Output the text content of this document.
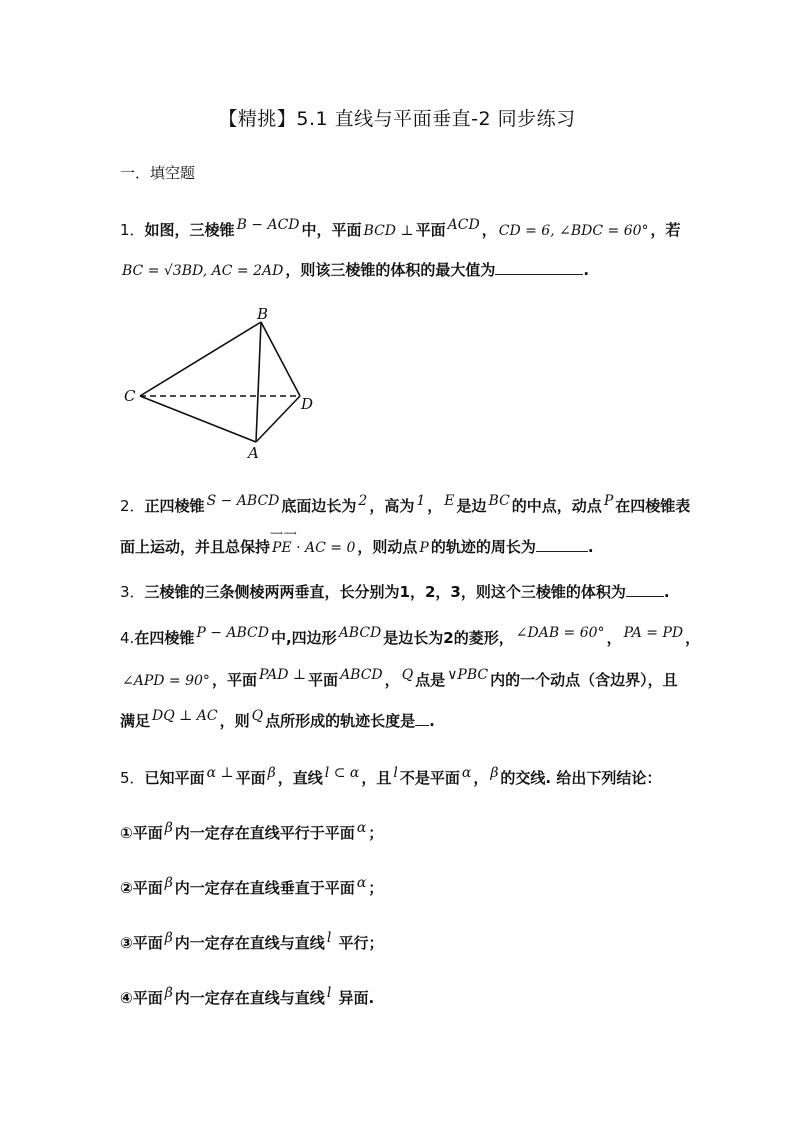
【精挑】5.1 直线与平面垂直-2 同步练习
一．填空题
1．如图，三棱锥 B − ACD 中，平面 BCD ⊥ 平面 ACD ， CD = 6, ∠BDC = 60° ，若
BC = √3BD, AC = 2AD ，则该三棱锥的体积的最大值为	.
B
C	D
A
2．正四棱锥 S − ABCD 底面边长为 2 ，高为 1 ， E 是边 BC 的中点，动点 P 在四棱锥表
面上运动，并且总保持
⟶ ⟶
PE · AC = 0 ，则动点 P 的轨迹的周长为	.
3．三棱锥的三条侧棱两两垂直，长分别为1，2，3，则这个三棱锥的体积为	.
4.在四棱锥 P − ABCD 中,四边形 ABCD 是边长为2的菱形， ∠DAB = 60° ， PA = PD ，
∠APD = 90° ，平面 PAD ⊥ 平面 ABCD ， Q 点是 ∨PBC 内的一个动点（含边界），且
满足 DQ ⊥ AC ，则 Q 点所形成的轨迹长度是 .
5．已知平面 α ⊥ 平面 β ，直线 l ⊂ α ，且 l 不是平面 α ， β 的交线. 给出下列结论：
①平面 β 内一定存在直线平行于平面 α ；
②平面 β 内一定存在直线垂直于平面 α ；
③平面 β 内一定存在直线与直线 l 平行；
④平面 β 内一定存在直线与直线 l 异面.
